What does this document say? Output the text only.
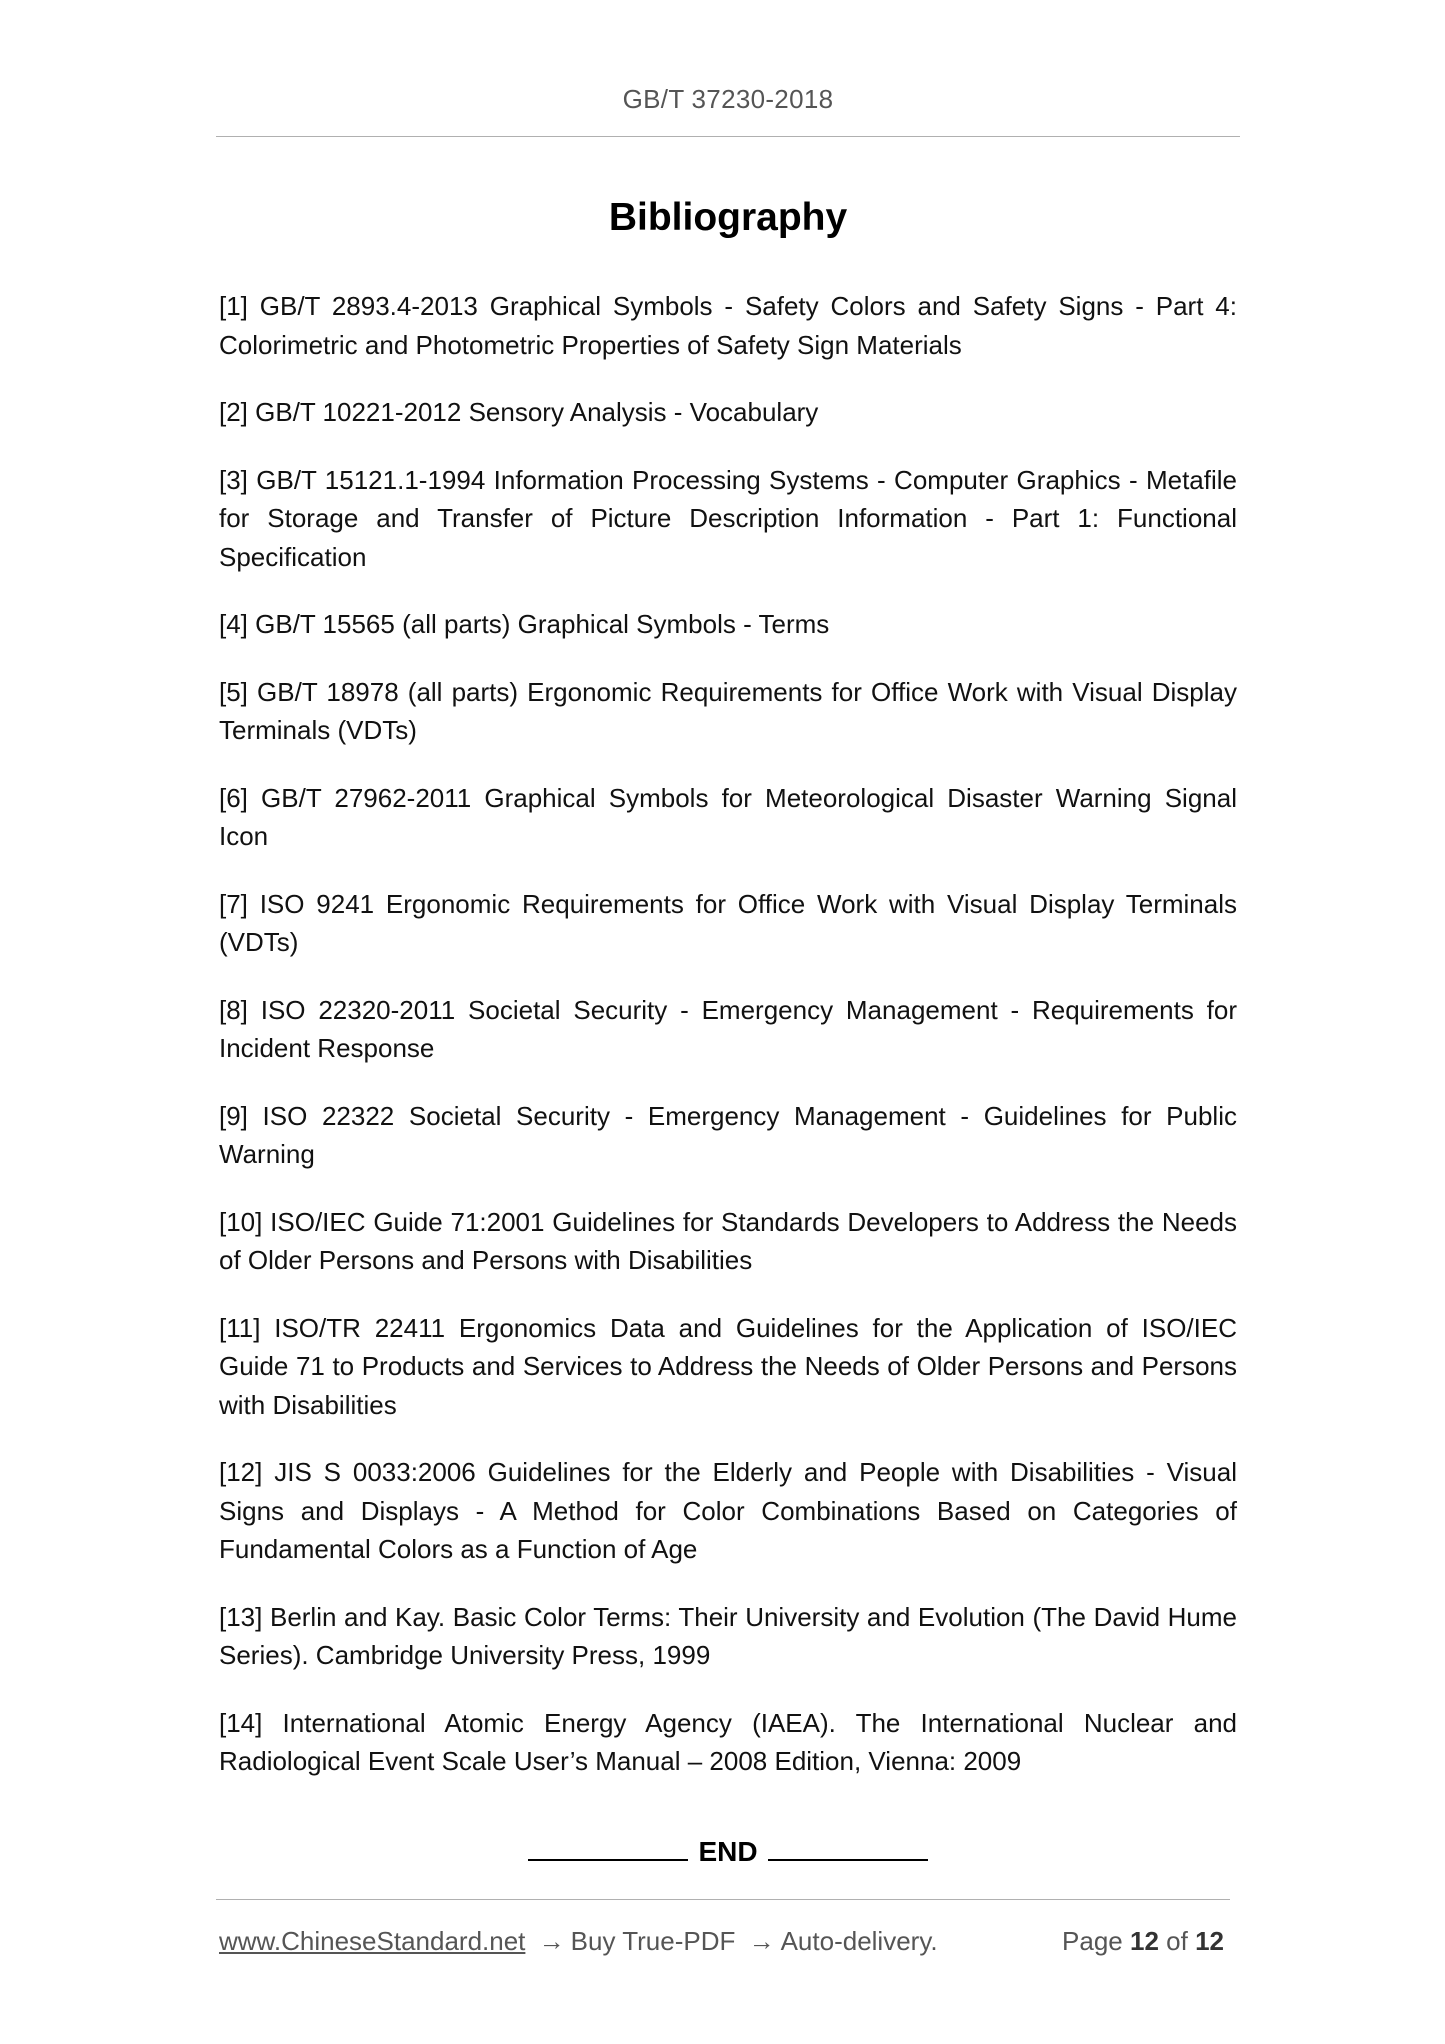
GB/T 37230-2018
Bibliography
[1] GB/T 2893.4-2013 Graphical Symbols - Safety Colors and Safety Signs - Part 4: Colorimetric and Photometric Properties of Safety Sign Materials
[2] GB/T 10221-2012 Sensory Analysis - Vocabulary
[3] GB/T 15121.1-1994 Information Processing Systems - Computer Graphics - Metafile for Storage and Transfer of Picture Description Information - Part 1: Functional Specification
[4] GB/T 15565 (all parts) Graphical Symbols - Terms
[5] GB/T 18978 (all parts) Ergonomic Requirements for Office Work with Visual Display Terminals (VDTs)
[6] GB/T 27962-2011 Graphical Symbols for Meteorological Disaster Warning Signal Icon
[7] ISO 9241 Ergonomic Requirements for Office Work with Visual Display Terminals (VDTs)
[8] ISO 22320-2011 Societal Security - Emergency Management - Requirements for Incident Response
[9] ISO 22322 Societal Security - Emergency Management - Guidelines for Public Warning
[10] ISO/IEC Guide 71:2001 Guidelines for Standards Developers to Address the Needs of Older Persons and Persons with Disabilities
[11] ISO/TR 22411 Ergonomics Data and Guidelines for the Application of ISO/IEC Guide 71 to Products and Services to Address the Needs of Older Persons and Persons with Disabilities
[12] JIS S 0033:2006 Guidelines for the Elderly and People with Disabilities - Visual Signs and Displays - A Method for Color Combinations Based on Categories of Fundamental Colors as a Function of Age
[13] Berlin and Kay. Basic Color Terms: Their University and Evolution (The David Hume Series). Cambridge University Press, 1999
[14] International Atomic Energy Agency (IAEA). The International Nuclear and Radiological Event Scale User’s Manual – 2008 Edition, Vienna: 2009
END
www.ChineseStandard.net → Buy True-PDF → Auto-delivery.	Page 12 of 12
